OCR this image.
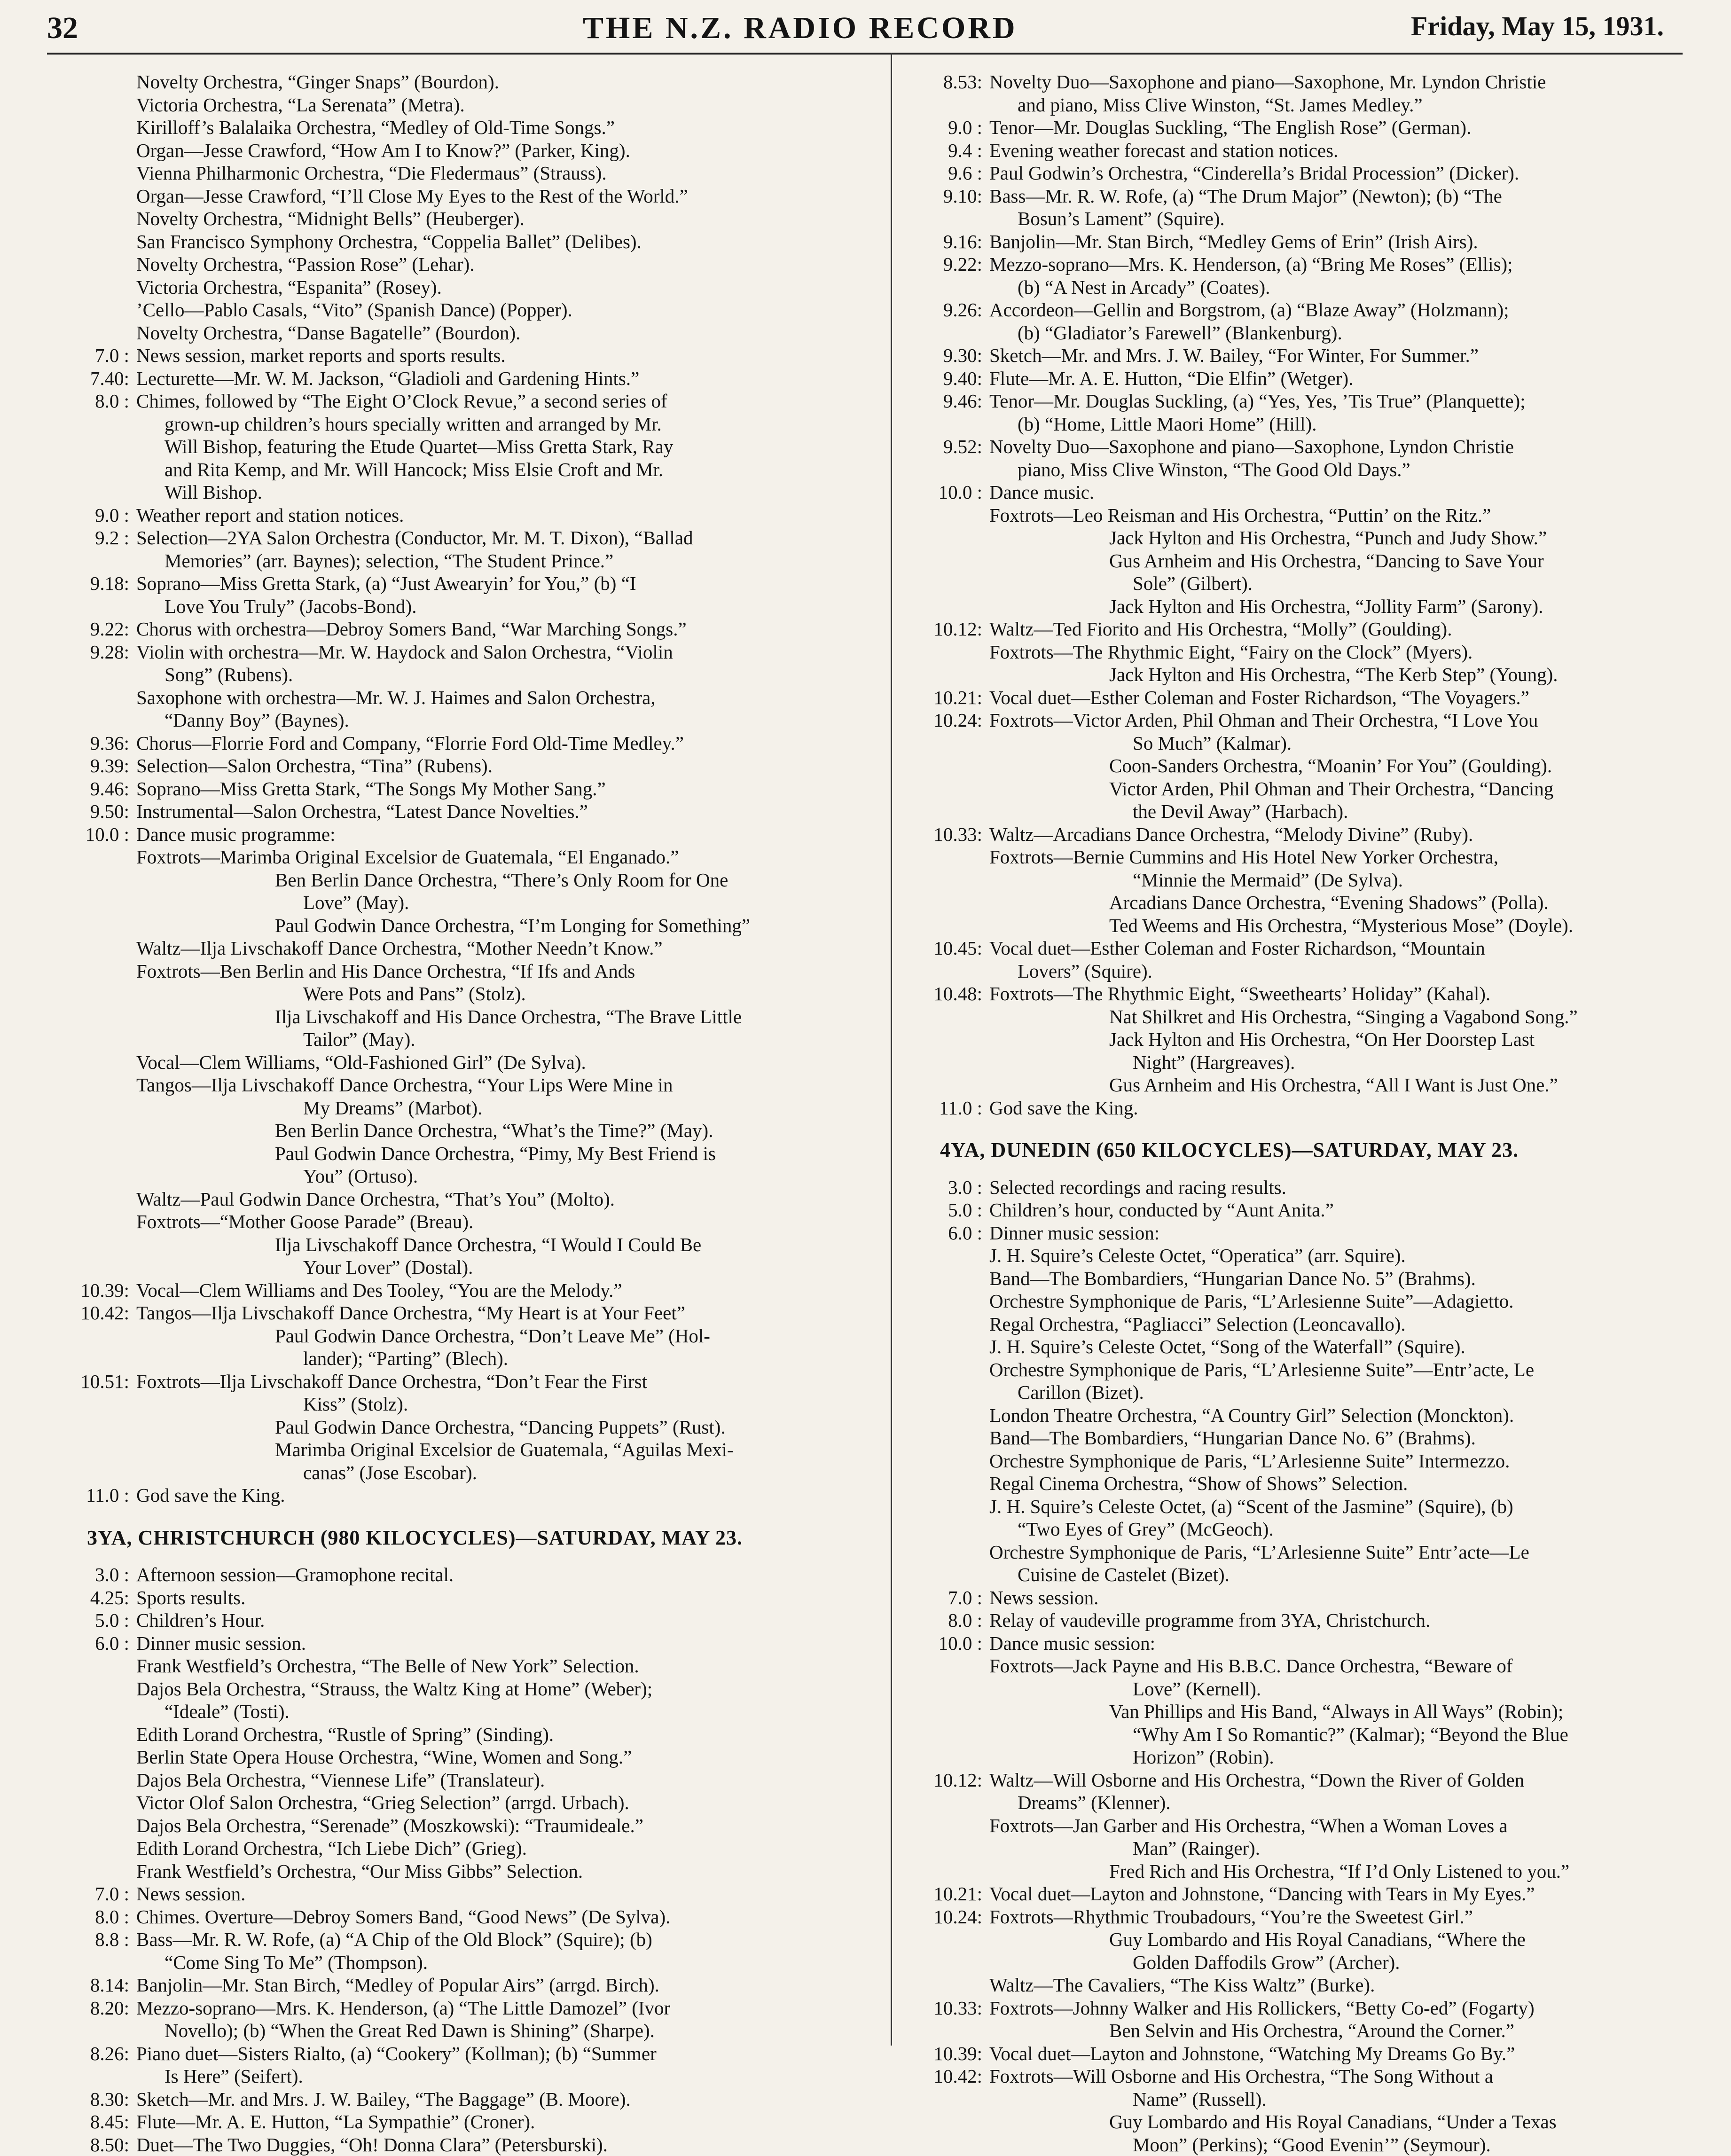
32	THE N.Z. RADIO RECORD	Friday, May 15, 1931.
Novelty Orchestra, “Ginger Snaps” (Bourdon).
Victoria Orchestra, “La Serenata” (Metra).
Kirilloff’s Balalaika Orchestra, “Medley of Old-Time Songs.”
Organ—Jesse Crawford, “How Am I to Know?” (Parker, King).
Vienna Philharmonic Orchestra, “Die Fledermaus” (Strauss).
Organ—Jesse Crawford, “I’ll Close My Eyes to the Rest of the World.”
Novelty Orchestra, “Midnight Bells” (Heuberger).
San Francisco Symphony Orchestra, “Coppelia Ballet” (Delibes).
Novelty Orchestra, “Passion Rose” (Lehar).
Victoria Orchestra, “Espanita” (Rosey).
’Cello—Pablo Casals, “Vito” (Spanish Dance) (Popper).
Novelty Orchestra, “Danse Bagatelle” (Bourdon).
7.0 : News session, market reports and sports results.
7.40: Lecturette—Mr. W. M. Jackson, “Gladioli and Gardening Hints.”
8.0 : Chimes, followed by “The Eight O’Clock Revue,” a second series of
grown-up children’s hours specially written and arranged by Mr.
Will Bishop, featuring the Etude Quartet—Miss Gretta Stark, Ray
and Rita Kemp, and Mr. Will Hancock; Miss Elsie Croft and Mr.
Will Bishop.
9.0 : Weather report and station notices.
9.2 : Selection—2YA Salon Orchestra (Conductor, Mr. M. T. Dixon), “Ballad
Memories” (arr. Baynes); selection, “The Student Prince.”
9.18: Soprano—Miss Gretta Stark, (a) “Just Awearyin’ for You,” (b) “I
Love You Truly” (Jacobs-Bond).
9.22: Chorus with orchestra—Debroy Somers Band, “War Marching Songs.”
9.28: Violin with orchestra—Mr. W. Haydock and Salon Orchestra, “Violin
Song” (Rubens).
Saxophone with orchestra—Mr. W. J. Haimes and Salon Orchestra,
“Danny Boy” (Baynes).
9.36: Chorus—Florrie Ford and Company, “Florrie Ford Old-Time Medley.”
9.39: Selection—Salon Orchestra, “Tina” (Rubens).
9.46: Soprano—Miss Gretta Stark, “The Songs My Mother Sang.”
9.50: Instrumental—Salon Orchestra, “Latest Dance Novelties.”
10.0 : Dance music programme:
Foxtrots—Marimba Original Excelsior de Guatemala, “El Enganado.”
Ben Berlin Dance Orchestra, “There’s Only Room for One
Love” (May).
Paul Godwin Dance Orchestra, “I’m Longing for Something”
Waltz—Ilja Livschakoff Dance Orchestra, “Mother Needn’t Know.”
Foxtrots—Ben Berlin and His Dance Orchestra, “If Ifs and Ands
Were Pots and Pans” (Stolz).
Ilja Livschakoff and His Dance Orchestra, “The Brave Little
Tailor” (May).
Vocal—Clem Williams, “Old-Fashioned Girl” (De Sylva).
Tangos—Ilja Livschakoff Dance Orchestra, “Your Lips Were Mine in
My Dreams” (Marbot).
Ben Berlin Dance Orchestra, “What’s the Time?” (May).
Paul Godwin Dance Orchestra, “Pimy, My Best Friend is
You” (Ortuso).
Waltz—Paul Godwin Dance Orchestra, “That’s You” (Molto).
Foxtrots—“Mother Goose Parade” (Breau).
Ilja Livschakoff Dance Orchestra, “I Would I Could Be
Your Lover” (Dostal).
10.39: Vocal—Clem Williams and Des Tooley, “You are the Melody.”
10.42: Tangos—Ilja Livschakoff Dance Orchestra, “My Heart is at Your Feet”
Paul Godwin Dance Orchestra, “Don’t Leave Me” (Hol-
lander); “Parting” (Blech).
10.51: Foxtrots—Ilja Livschakoff Dance Orchestra, “Don’t Fear the First
Kiss” (Stolz).
Paul Godwin Dance Orchestra, “Dancing Puppets” (Rust).
Marimba Original Excelsior de Guatemala, “Aguilas Mexi-
canas” (Jose Escobar).
11.0 : God save the King.
3YA, CHRISTCHURCH (980 KILOCYCLES)—SATURDAY, MAY 23.
3.0 : Afternoon session—Gramophone recital.
4.25: Sports results.
5.0 : Children’s Hour.
6.0 : Dinner music session.
Frank Westfield’s Orchestra, “The Belle of New York” Selection.
Dajos Bela Orchestra, “Strauss, the Waltz King at Home” (Weber);
“Ideale” (Tosti).
Edith Lorand Orchestra, “Rustle of Spring” (Sinding).
Berlin State Opera House Orchestra, “Wine, Women and Song.”
Dajos Bela Orchestra, “Viennese Life” (Translateur).
Victor Olof Salon Orchestra, “Grieg Selection” (arrgd. Urbach).
Dajos Bela Orchestra, “Serenade” (Moszkowski): “Traumideale.”
Edith Lorand Orchestra, “Ich Liebe Dich” (Grieg).
Frank Westfield’s Orchestra, “Our Miss Gibbs” Selection.
7.0 : News session.
8.0 : Chimes. Overture—Debroy Somers Band, “Good News” (De Sylva).
8.8 : Bass—Mr. R. W. Rofe, (a) “A Chip of the Old Block” (Squire); (b)
“Come Sing To Me” (Thompson).
8.14: Banjolin—Mr. Stan Birch, “Medley of Popular Airs” (arrgd. Birch).
8.20: Mezzo-soprano—Mrs. K. Henderson, (a) “The Little Damozel” (Ivor
Novello); (b) “When the Great Red Dawn is Shining” (Sharpe).
8.26: Piano duet—Sisters Rialto, (a) “Cookery” (Kollman); (b) “Summer
Is Here” (Seifert).
8.30: Sketch—Mr. and Mrs. J. W. Bailey, “The Baggage” (B. Moore).
8.45: Flute—Mr. A. E. Hutton, “La Sympathie” (Croner).
8.50: Duet—The Two Duggies, “Oh! Donna Clara” (Petersburski).
8.53: Novelty Duo—Saxophone and piano—Saxophone, Mr. Lyndon Christie
and piano, Miss Clive Winston, “St. James Medley.”
9.0 : Tenor—Mr. Douglas Suckling, “The English Rose” (German).
9.4 : Evening weather forecast and station notices.
9.6 : Paul Godwin’s Orchestra, “Cinderella’s Bridal Procession” (Dicker).
9.10: Bass—Mr. R. W. Rofe, (a) “The Drum Major” (Newton); (b) “The
Bosun’s Lament” (Squire).
9.16: Banjolin—Mr. Stan Birch, “Medley Gems of Erin” (Irish Airs).
9.22: Mezzo-soprano—Mrs. K. Henderson, (a) “Bring Me Roses” (Ellis);
(b) “A Nest in Arcady” (Coates).
9.26: Accordeon—Gellin and Borgstrom, (a) “Blaze Away” (Holzmann);
(b) “Gladiator’s Farewell” (Blankenburg).
9.30: Sketch—Mr. and Mrs. J. W. Bailey, “For Winter, For Summer.”
9.40: Flute—Mr. A. E. Hutton, “Die Elfin” (Wetger).
9.46: Tenor—Mr. Douglas Suckling, (a) “Yes, Yes, ’Tis True” (Planquette);
(b) “Home, Little Maori Home” (Hill).
9.52: Novelty Duo—Saxophone and piano—Saxophone, Lyndon Christie
piano, Miss Clive Winston, “The Good Old Days.”
10.0 : Dance music.
Foxtrots—Leo Reisman and His Orchestra, “Puttin’ on the Ritz.”
Jack Hylton and His Orchestra, “Punch and Judy Show.”
Gus Arnheim and His Orchestra, “Dancing to Save Your
Sole” (Gilbert).
Jack Hylton and His Orchestra, “Jollity Farm” (Sarony).
10.12: Waltz—Ted Fiorito and His Orchestra, “Molly” (Goulding).
Foxtrots—The Rhythmic Eight, “Fairy on the Clock” (Myers).
Jack Hylton and His Orchestra, “The Kerb Step” (Young).
10.21: Vocal duet—Esther Coleman and Foster Richardson, “The Voyagers.”
10.24: Foxtrots—Victor Arden, Phil Ohman and Their Orchestra, “I Love You
So Much” (Kalmar).
Coon-Sanders Orchestra, “Moanin’ For You” (Goulding).
Victor Arden, Phil Ohman and Their Orchestra, “Dancing
the Devil Away” (Harbach).
10.33: Waltz—Arcadians Dance Orchestra, “Melody Divine” (Ruby).
Foxtrots—Bernie Cummins and His Hotel New Yorker Orchestra,
“Minnie the Mermaid” (De Sylva).
Arcadians Dance Orchestra, “Evening Shadows” (Polla).
Ted Weems and His Orchestra, “Mysterious Mose” (Doyle).
10.45: Vocal duet—Esther Coleman and Foster Richardson, “Mountain
Lovers” (Squire).
10.48: Foxtrots—The Rhythmic Eight, “Sweethearts’ Holiday” (Kahal).
Nat Shilkret and His Orchestra, “Singing a Vagabond Song.”
Jack Hylton and His Orchestra, “On Her Doorstep Last
Night” (Hargreaves).
Gus Arnheim and His Orchestra, “All I Want is Just One.”
11.0 : God save the King.
4YA, DUNEDIN (650 KILOCYCLES)—SATURDAY, MAY 23.
3.0 : Selected recordings and racing results.
5.0 : Children’s hour, conducted by “Aunt Anita.”
6.0 : Dinner music session:
J. H. Squire’s Celeste Octet, “Operatica” (arr. Squire).
Band—The Bombardiers, “Hungarian Dance No. 5” (Brahms).
Orchestre Symphonique de Paris, “L’Arlesienne Suite”—Adagietto.
Regal Orchestra, “Pagliacci” Selection (Leoncavallo).
J. H. Squire’s Celeste Octet, “Song of the Waterfall” (Squire).
Orchestre Symphonique de Paris, “L’Arlesienne Suite”—Entr’acte, Le
Carillon (Bizet).
London Theatre Orchestra, “A Country Girl” Selection (Monckton).
Band—The Bombardiers, “Hungarian Dance No. 6” (Brahms).
Orchestre Symphonique de Paris, “L’Arlesienne Suite” Intermezzo.
Regal Cinema Orchestra, “Show of Shows” Selection.
J. H. Squire’s Celeste Octet, (a) “Scent of the Jasmine” (Squire), (b)
“Two Eyes of Grey” (McGeoch).
Orchestre Symphonique de Paris, “L’Arlesienne Suite” Entr’acte—Le
Cuisine de Castelet (Bizet).
7.0 : News session.
8.0 : Relay of vaudeville programme from 3YA, Christchurch.
10.0 : Dance music session:
Foxtrots—Jack Payne and His B.B.C. Dance Orchestra, “Beware of
Love” (Kernell).
Van Phillips and His Band, “Always in All Ways” (Robin);
“Why Am I So Romantic?” (Kalmar); “Beyond the Blue
Horizon” (Robin).
10.12: Waltz—Will Osborne and His Orchestra, “Down the River of Golden
Dreams” (Klenner).
Foxtrots—Jan Garber and His Orchestra, “When a Woman Loves a
Man” (Rainger).
Fred Rich and His Orchestra, “If I’d Only Listened to you.”
10.21: Vocal duet—Layton and Johnstone, “Dancing with Tears in My Eyes.”
10.24: Foxtrots—Rhythmic Troubadours, “You’re the Sweetest Girl.”
Guy Lombardo and His Royal Canadians, “Where the
Golden Daffodils Grow” (Archer).
Waltz—The Cavaliers, “The Kiss Waltz” (Burke).
10.33: Foxtrots—Johnny Walker and His Rollickers, “Betty Co-ed” (Fogarty)
Ben Selvin and His Orchestra, “Around the Corner.”
10.39: Vocal duet—Layton and Johnstone, “Watching My Dreams Go By.”
10.42: Foxtrots—Will Osborne and His Orchestra, “The Song Without a
Name” (Russell).
Guy Lombardo and His Royal Canadians, “Under a Texas
Moon” (Perkins); “Good Evenin’” (Seymour).
